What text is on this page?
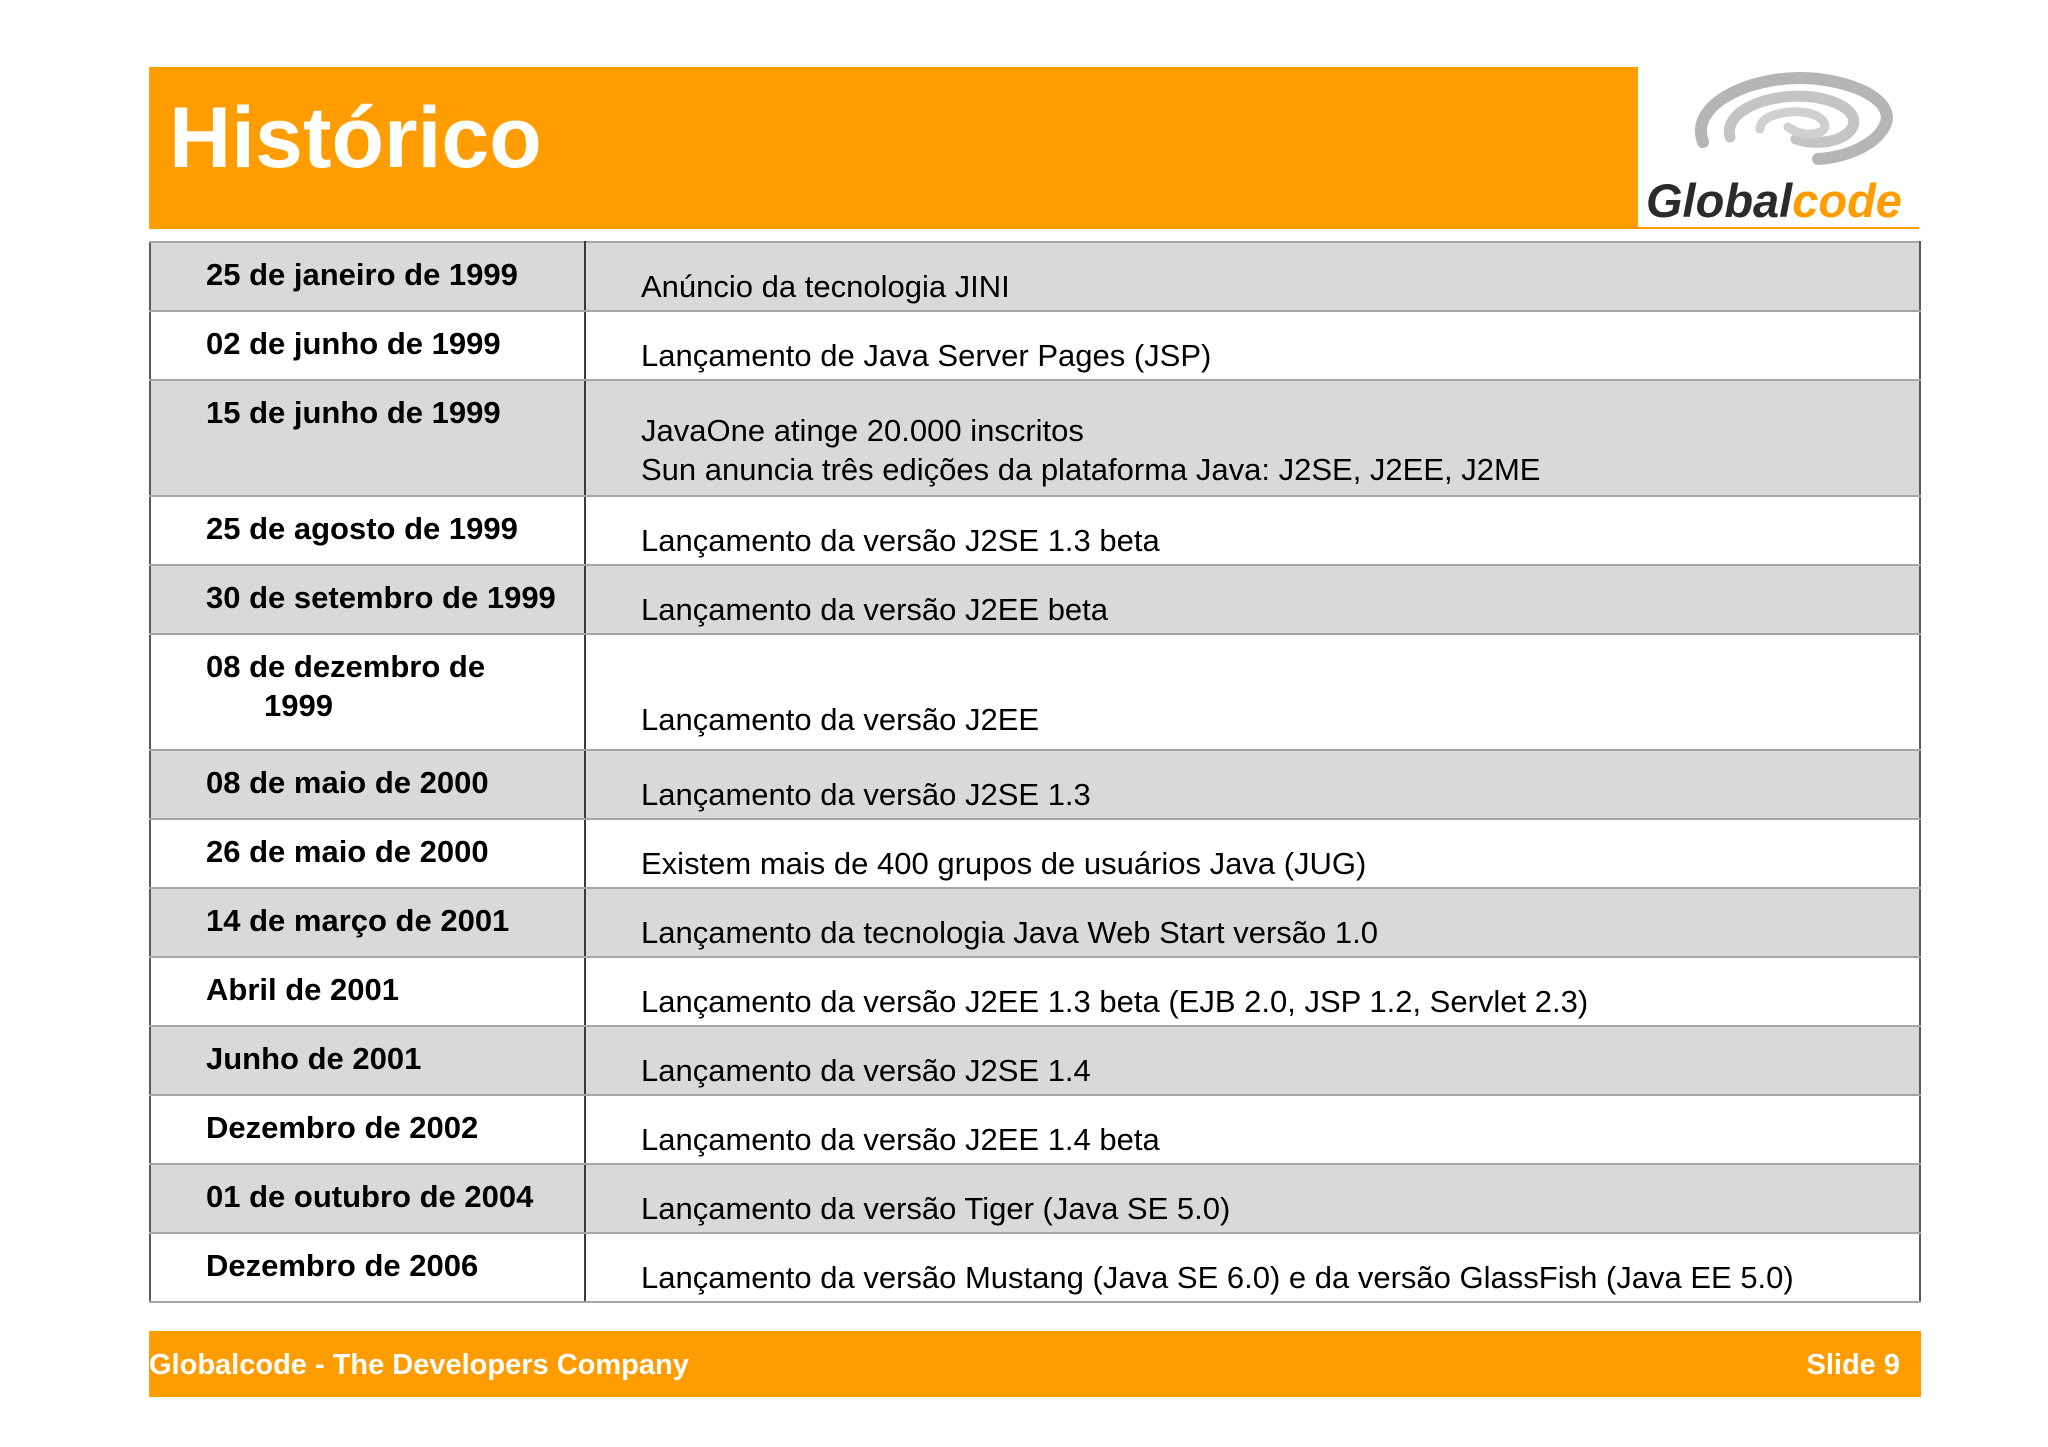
Histórico
Globalcode
25 de janeiro de 1999	Anúncio da tecnologia JINI

02 de junho de 1999	Lançamento de Java Server Pages (JSP)

15 de junho de 1999	JavaOne atinge 20.000 inscritos
Sun anuncia três edições da plataforma Java: J2SE, J2EE, J2ME

25 de agosto de 1999	Lançamento da versão J2SE 1.3 beta

30 de setembro de 1999	Lançamento da versão J2EE beta

08 de dezembro de
1999	Lançamento da versão J2EE

08 de maio de 2000	Lançamento da versão J2SE 1.3

26 de maio de 2000	Existem mais de 400 grupos de usuários Java (JUG)

14 de março de 2001	Lançamento da tecnologia Java Web Start versão 1.0

Abril de 2001	Lançamento da versão J2EE 1.3 beta (EJB 2.0, JSP 1.2, Servlet 2.3)

Junho de 2001	Lançamento da versão J2SE 1.4

Dezembro de 2002	Lançamento da versão J2EE 1.4 beta

01 de outubro de 2004	Lançamento da versão Tiger (Java SE 5.0)

Dezembro de 2006	Lançamento da versão Mustang (Java SE 6.0) e da versão GlassFish (Java EE 5.0)
Globalcode - The Developers Company	Slide 9
